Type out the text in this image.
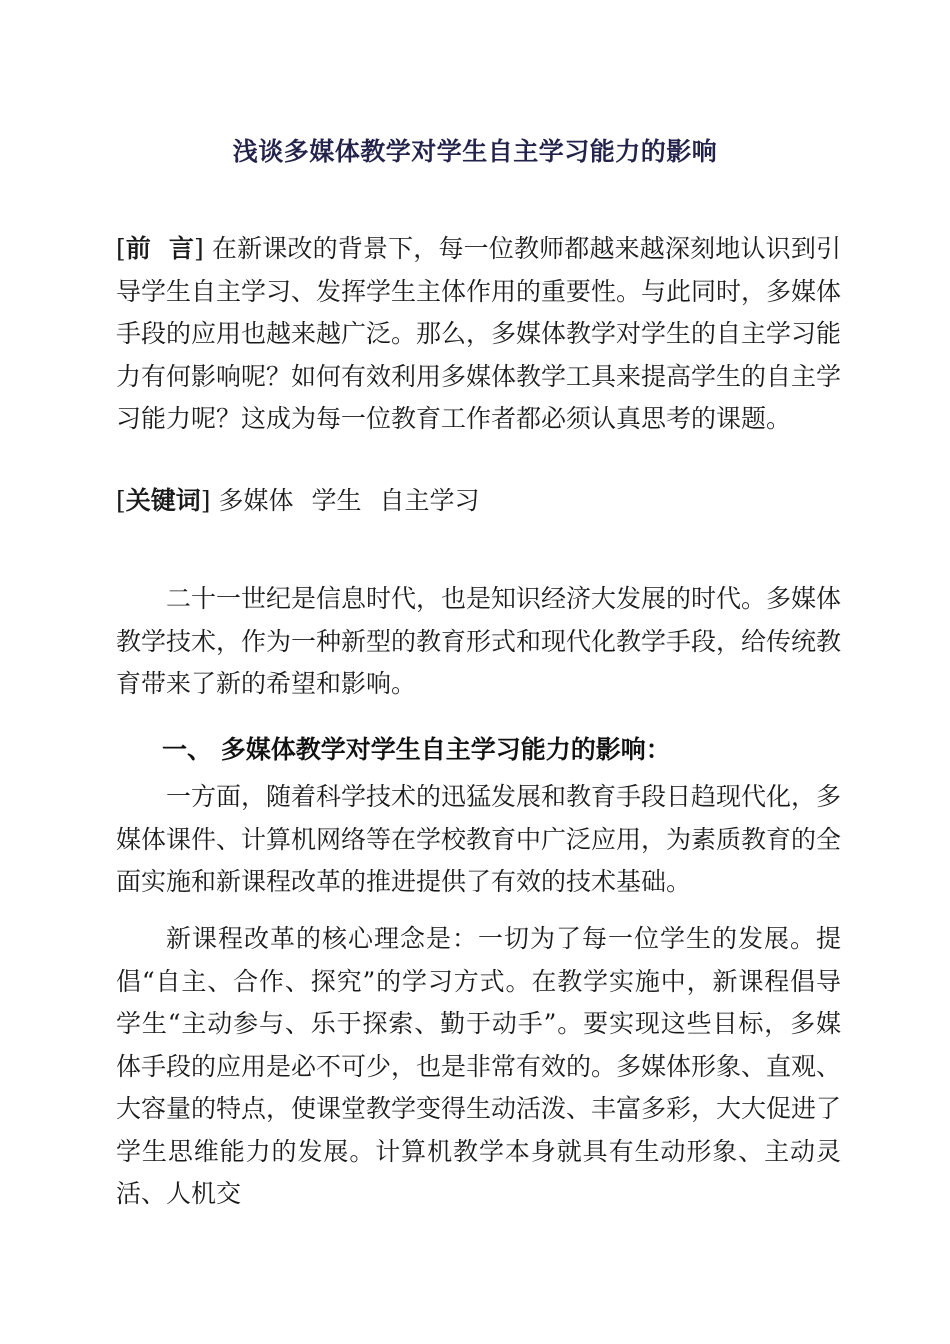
浅谈多媒体教学对学生自主学习能力的影响
[前  言] 在新课改的背景下，每一位教师都越来越深刻地认识到引导学生自主学习、发挥学生主体作用的重要性。与此同时，多媒体手段的应用也越来越广泛。那么，多媒体教学对学生的自主学习能力有何影响呢？如何有效利用多媒体教学工具来提高学生的自主学习能力呢？这成为每一位教育工作者都必须认真思考的课题。
[关键词] 多媒体 学生 自主学习
二十一世纪是信息时代，也是知识经济大发展的时代。多媒体教学技术，作为一种新型的教育形式和现代化教学手段，给传统教育带来了新的希望和影响。
一、 多媒体教学对学生自主学习能力的影响：
一方面，随着科学技术的迅猛发展和教育手段日趋现代化，多媒体课件、计算机网络等在学校教育中广泛应用，为素质教育的全面实施和新课程改革的推进提供了有效的技术基础。
新课程改革的核心理念是：一切为了每一位学生的发展。提倡“自主、合作、探究”的学习方式。在教学实施中，新课程倡导学生“主动参与、乐于探索、勤于动手”。要实现这些目标，多媒体手段的应用是必不可少，也是非常有效的。多媒体形象、直观、大容量的特点，使课堂教学变得生动活泼、丰富多彩，大大促进了学生思维能力的发展。计算机教学本身就具有生动形象、主动灵活、人机交
